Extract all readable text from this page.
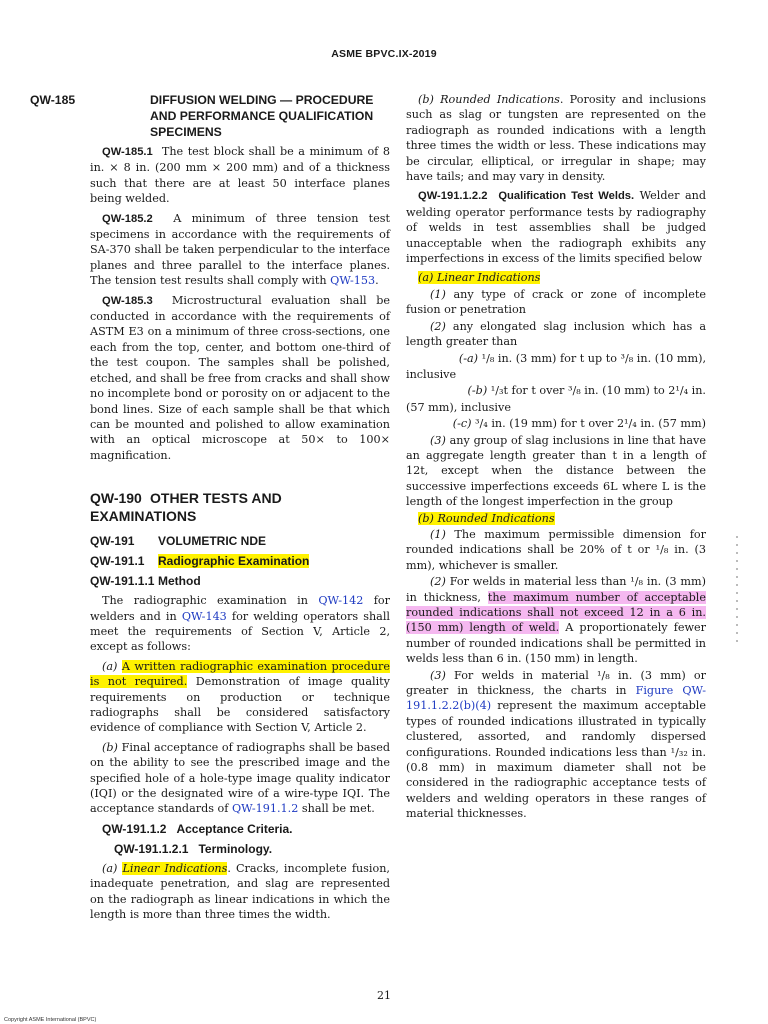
ASME BPVC.IX-2019
QW-185	DIFFUSION WELDING — PROCEDURE AND PERFORMANCE QUALIFICATION SPECIMENS

QW-185.1 The test block shall be a minimum of 8 in. × 8 in. (200 mm × 200 mm) and of a thickness such that there are at least 50 interface planes being welded.

QW-185.2 A minimum of three tension test specimens in accordance with the requirements of SA-370 shall be taken perpendicular to the interface planes and three parallel to the interface planes. The tension test results shall comply with QW-153.

QW-185.3 Microstructural evaluation shall be conducted in accordance with the requirements of ASTM E3 on a minimum of three cross-sections, one each from the top, center, and bottom one-third of the test coupon. The samples shall be polished, etched, and shall be free from cracks and shall show no incomplete bond or porosity on or adjacent to the bond lines. Size of each sample shall be that which can be mounted and polished to allow examination with an optical microscope at 50× to 100× magnification.

QW-190 OTHER TESTS AND EXAMINATIONS
QW-191 VOLUMETRIC NDE
QW-191.1 Radiographic Examination
QW-191.1.1 Method

The radiographic examination in QW-142 for welders and in QW-143 for welding operators shall meet the requirements of Section V, Article 2, except as follows:

(a) A written radiographic examination procedure is not required. Demonstration of image quality requirements on production or technique radiographs shall be considered satisfactory evidence of compliance with Section V, Article 2.

(b) Final acceptance of radiographs shall be based on the ability to see the prescribed image and the specified hole of a hole-type image quality indicator (IQI) or the designated wire of a wire-type IQI. The acceptance standards of QW-191.1.2 shall be met.

QW-191.1.2 Acceptance Criteria.
QW-191.1.2.1 Terminology.

(a) Linear Indications. Cracks, incomplete fusion, inadequate penetration, and slag are represented on the radiograph as linear indications in which the length is more than three times the width.

(b) Rounded Indications. Porosity and inclusions such as slag or tungsten are represented on the radiograph as rounded indications with a length three times the width or less. These indications may be circular, elliptical, or irregular in shape; may have tails; and may vary in density.

QW-191.1.2.2 Qualification Test Welds. Welder and welding operator performance tests by radiography of welds in test assemblies shall be judged unacceptable when the radiograph exhibits any imperfections in excess of the limits specified below

(a) Linear Indications

(1) any type of crack or zone of incomplete fusion or penetration

(2) any elongated slag inclusion which has a length greater than

(-a) ¹/₈ in. (3 mm) for t up to ³/₈ in. (10 mm),
inclusive
(-b) ¹/₃t for t over ³/₈ in. (10 mm) to 2¹/₄ in.
(57 mm), inclusive
(-c) ³/₄ in. (19 mm) for t over 2¹/₄ in. (57 mm)

(3) any group of slag inclusions in line that have an aggregate length greater than t in a length of 12t, except when the distance between the successive imperfections exceeds 6L where L is the length of the longest imperfection in the group

(b) Rounded Indications

(1) The maximum permissible dimension for rounded indications shall be 20% of t or ¹/₈ in. (3 mm), whichever is smaller.

(2) For welds in material less than ¹/₈ in. (3 mm) in thickness, the maximum number of acceptable rounded indications shall not exceed 12 in a 6 in. (150 mm) length of weld. A proportionately fewer number of rounded indications shall be permitted in welds less than 6 in. (150 mm) in length.

(3) For welds in material ¹/₈ in. (3 mm) or greater in thickness, the charts in Figure QW-191.1.2.2(b)(4) represent the maximum acceptable types of rounded indications illustrated in typically clustered, assorted, and randomly dispersed configurations. Rounded indications less than ¹/₃₂ in. (0.8 mm) in maximum diameter shall not be considered in the radiographic acceptance tests of welders and welding operators in these ranges of material thicknesses.

21
Copyright ASME International (BPVC)
